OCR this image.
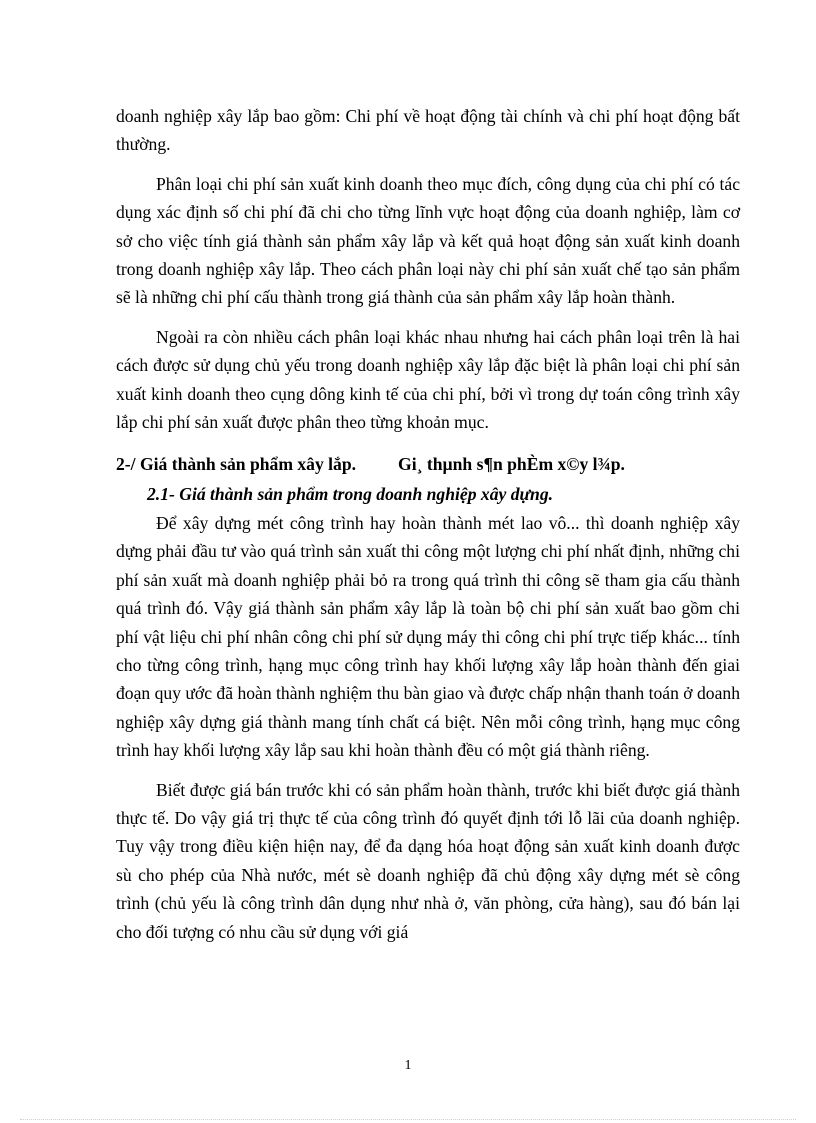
doanh nghiệp xây lắp bao gồm: Chi phí về hoạt động tài chính và chi phí hoạt động bất thường.

Phân loại chi phí sản xuất kinh doanh theo mục đích, công dụng của chi phí có tác dụng xác định số chi phí đã chi cho từng lĩnh vực hoạt động của doanh nghiệp, làm cơ sở cho việc tính giá thành sản phẩm xây lắp và kết quả hoạt động sản xuất kinh doanh trong doanh nghiệp xây lắp. Theo cách phân loại này chi phí sản xuất chế tạo sản phẩm sẽ là những chi phí cấu thành trong giá thành của sản phẩm xây lắp hoàn thành.

Ngoài ra còn nhiều cách phân loại khác nhau nhưng hai cách phân loại trên là hai cách được sử dụng chủ yếu trong doanh nghiệp xây lắp đặc biệt là phân loại chi phí sản xuất kinh doanh theo cụng dông kinh tế của chi phí, bởi vì trong dự toán công trình xây lắp chi phí sản xuất được phân theo từng khoản mục.

2-/ Giá thành sản phẩm xây lắp. Gi¸ thµnh s¶n phÈm x©y l¾p.
2.1- Giá thành sản phẩm trong doanh nghiệp xây dựng.

Để xây dựng mét công trình hay hoàn thành mét lao vô... thì doanh nghiệp xây dựng phải đầu tư vào quá trình sản xuất thi công một lượng chi phí nhất định, những chi phí sản xuất mà doanh nghiệp phải bỏ ra trong quá trình thi công sẽ tham gia cấu thành quá trình đó. Vậy giá thành sản phẩm xây lắp là toàn bộ chi phí sản xuất bao gồm chi phí vật liệu chi phí nhân công chi phí sử dụng máy thi công chi phí trực tiếp khác... tính cho từng công trình, hạng mục công trình hay khối lượng xây lắp hoàn thành đến giai đoạn quy ước đã hoàn thành nghiệm thu bàn giao và được chấp nhận thanh toán ở doanh nghiệp xây dựng giá thành mang tính chất cá biệt. Nên mỗi công trình, hạng mục công trình hay khối lượng xây lắp sau khi hoàn thành đều có một giá thành riêng.

Biết được giá bán trước khi có sản phẩm hoàn thành, trước khi biết được giá thành thực tế. Do vậy giá trị thực tế của công trình đó quyết định tới lỗ lãi của doanh nghiệp. Tuy vậy trong điều kiện hiện nay, để đa dạng hóa hoạt động sản xuất kinh doanh được sù cho phép của Nhà nước, mét sè doanh nghiệp đã chủ động xây dựng mét sè công trình (chủ yếu là công trình dân dụng như nhà ở, văn phòng, cửa hàng), sau đó bán lại cho đối tượng có nhu cầu sử dụng với giá

1
